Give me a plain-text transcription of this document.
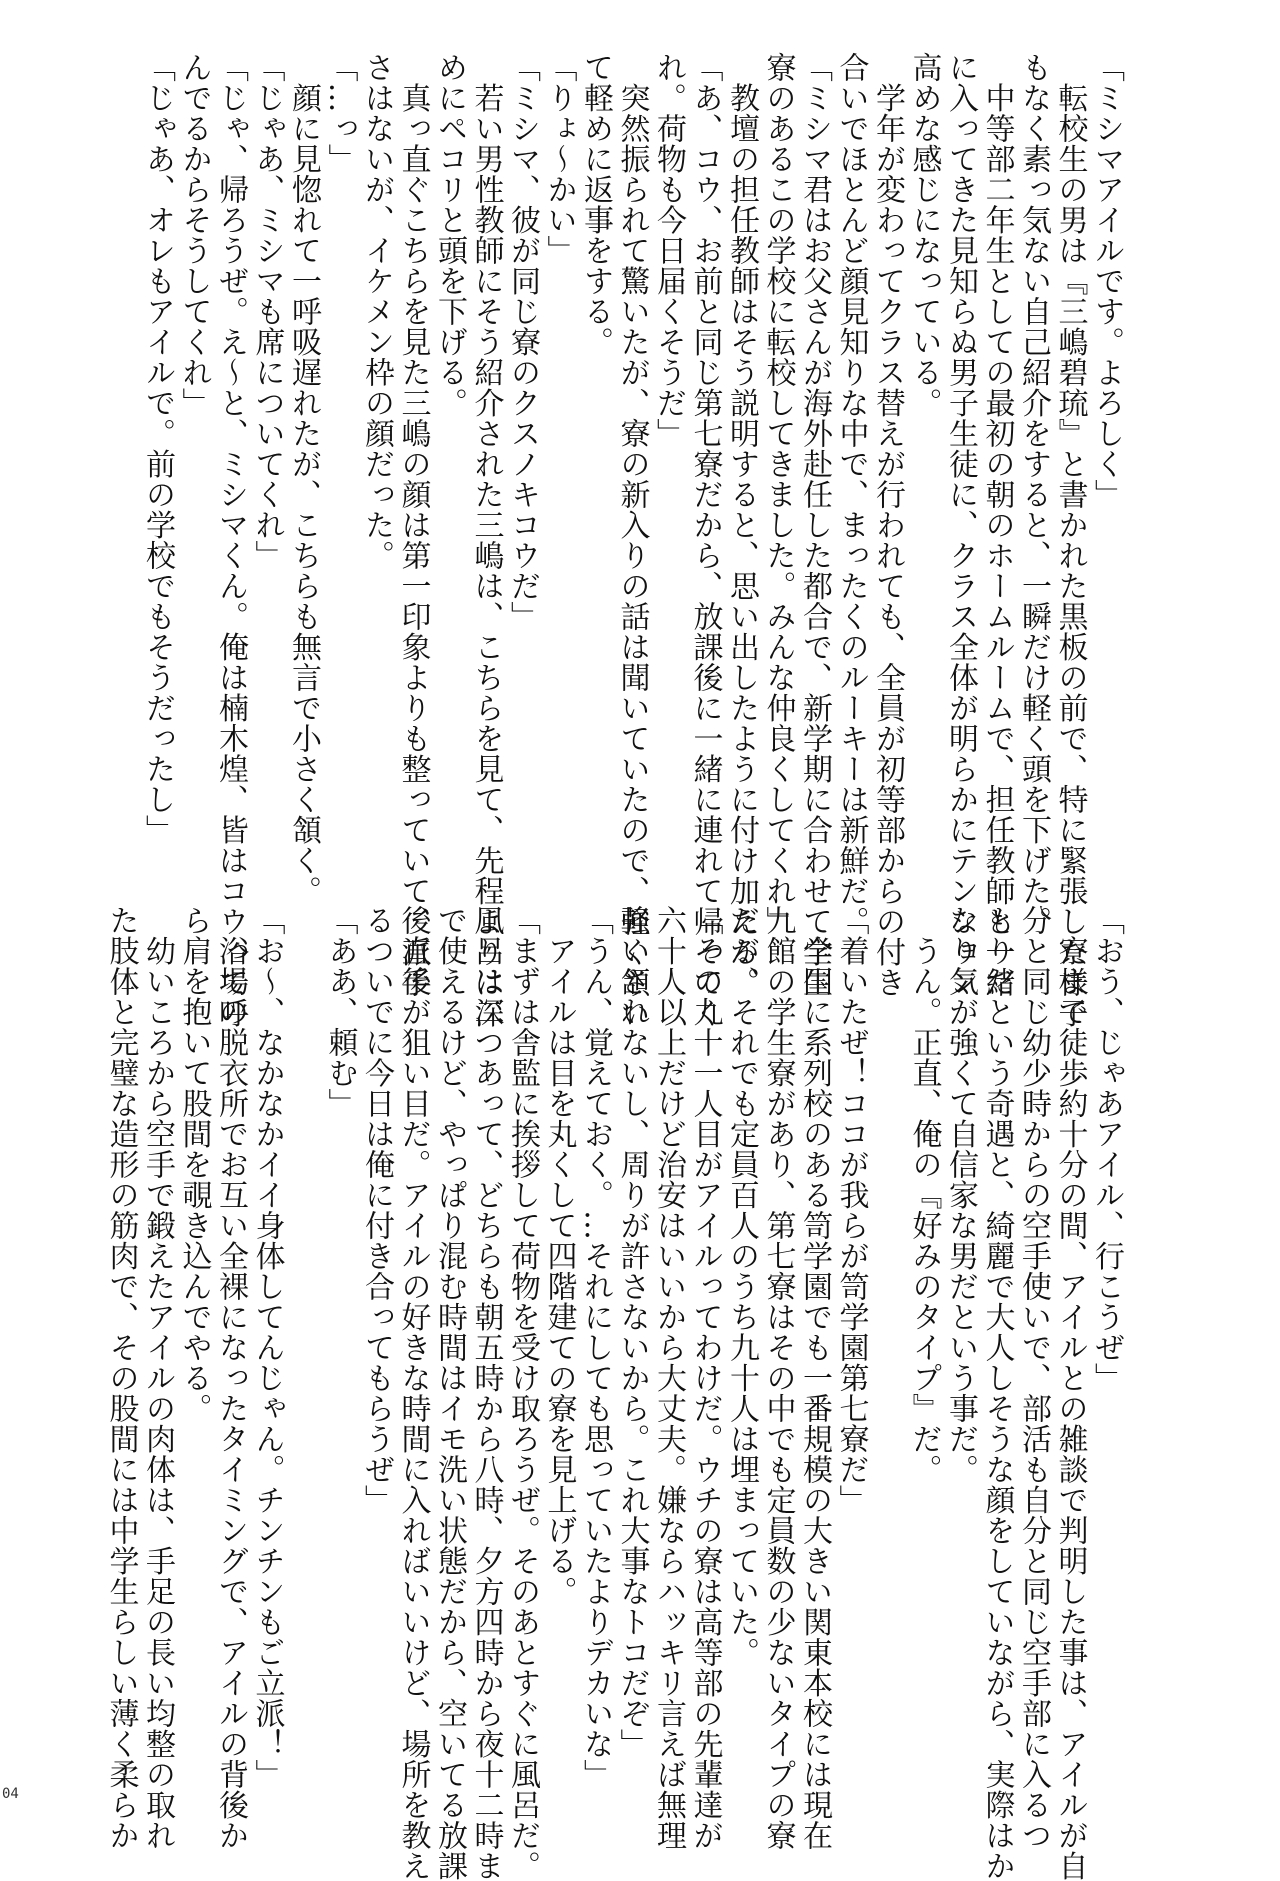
「ミシマアイルです。よろしく」
　転校生の男は『三嶋碧琉』と書かれた黒板の前で、特に緊張した様子
もなく素っ気ない自己紹介をすると、一瞬だけ軽く頭を下げた。
　中等部二年生としての最初の朝のホームルームで、担任教師と一緒
に入ってきた見知らぬ男子生徒に、クラス全体が明らかにテンション
高めな感じになっている。
　学年が変わってクラス替えが行われても、全員が初等部からの付き
合いでほとんど顔見知りな中で、まったくのルーキーは新鮮だ。
「ミシマ君はお父さんが海外赴任した都合で、新学期に合わせて学生
寮のあるこの学校に転校してきました。みんな仲良くしてくれ」
　教壇の担任教師はそう説明すると、思い出したように付け加える。
「あ、コウ、お前と同じ第七寮だから、放課後に一緒に連れて帰ってく
れ。荷物も今日届くそうだ」
　突然振られて驚いたが、寮の新入りの話は聞いていたので、軽く頷い
て軽めに返事をする。
「りょ〜かい」
「ミシマ、彼が同じ寮のクスノキコウだ」
　若い男性教師にそう紹介された三嶋は、こちらを見て、先程よりは深
めにペコリと頭を下げる。
　真っ直ぐこちらを見た三嶋の顔は第一印象よりも整っていて、派手
さはないが、イケメン枠の顔だった。
「…っ」
　顔に見惚れて一呼吸遅れたが、こちらも無言で小さく頷く。
「じゃあ、ミシマも席についてくれ」
「じゃ、帰ろうぜ。え〜と、ミシマくん。俺は楠木煌、皆はコウって呼
んでるからそうしてくれ」
「じゃあ、オレもアイルで。前の学校でもそうだったし」
「おう、じゃあアイル、行こうぜ」
　寮まで徒歩約十分の間、アイルとの雑談で判明した事は、アイルが自
分と同じ幼少時からの空手使いで、部活も自分と同じ空手部に入るつ
もりだという奇遇と、綺麗で大人しそうな顔をしていながら、実際はか
なり気が強くて自信家な男だという事だ。
　うん。正直、俺の『好みのタイプ』だ。

「着いたぜ！ココが我らが笥学園第七寮だ」
　全国に系列校のある笥学園でも一番規模の大きい関東本校には現在
九館の学生寮があり、第七寮はその中でも定員数の少ないタイプの寮
だが、それでも定員百人のうち九十人は埋まっていた。
「その九十一人目がアイルってわけだ。ウチの寮は高等部の先輩達が
六十人以上だけど治安はいいから大丈夫。嫌ならハッキリ言えば無理
強いされないし、周りが許さないから。これ大事なトコだぞ」
「うん、覚えておく。…それにしても思っていたよりデカいな」
　アイルは目を丸くして四階建ての寮を見上げる。
「まずは舎監に挨拶して荷物を受け取ろうぜ。そのあとすぐに風呂だ。
風呂は二つあって、どちらも朝五時から八時、夕方四時から夜十二時ま
で使えるけど、やっぱり混む時間はイモ洗い状態だから、空いてる放課
後直後が狙い目だ。アイルの好きな時間に入ればいいけど、場所を教え
るついでに今日は俺に付き合ってもらうぜ」
「ああ、頼む」

「お〜、なかなかイイ身体してんじゃん。チンチンもご立派！」
　浴場の脱衣所でお互い全裸になったタイミングで、アイルの背後か
ら肩を抱いて股間を覗き込んでやる。
　幼いころから空手で鍛えたアイルの肉体は、手足の長い均整の取れ
た肢体と完璧な造形の筋肉で、その股間には中学生らしい薄く柔らか
04
